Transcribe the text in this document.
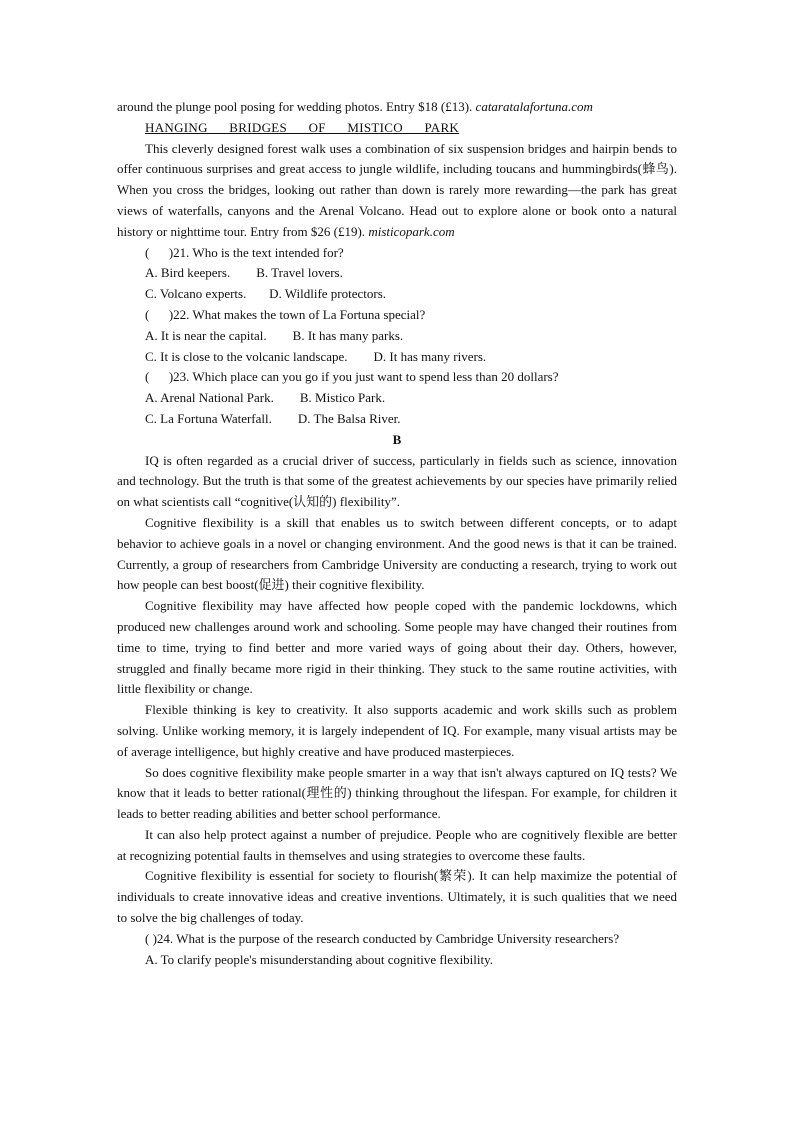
around the plunge pool posing for wedding photos. Entry $18 (£13). cataratalafortuna.com

HANGING BRIDGES OF MISTICO PARK

This cleverly designed forest walk uses a combination of six suspension bridges and hairpin bends to offer continuous surprises and great access to jungle wildlife, including toucans and hummingbirds(蜂鸟). When you cross the bridges, looking out rather than down is rarely more rewarding—the park has great views of waterfalls, canyons and the Arenal Volcano. Head out to explore alone or book onto a natural history or nighttime tour. Entry from $26 (£19). misticopark.com

(      )21. Who is the text intended for?

A. Bird keepers.        B. Travel lovers.

C. Volcano experts.       D. Wildlife protectors.

(      )22. What makes the town of La Fortuna special?

A. It is near the capital.        B. It has many parks.

C. It is close to the volcanic landscape.        D. It has many rivers.

(      )23. Which place can you go if you just want to spend less than 20 dollars?

A. Arenal National Park.        B. Mistico Park.

C. La Fortuna Waterfall.        D. The Balsa River.

B

IQ is often regarded as a crucial driver of success, particularly in fields such as science, innovation and technology. But the truth is that some of the greatest achievements by our species have primarily relied on what scientists call “cognitive(认知的) flexibility”.

Cognitive flexibility is a skill that enables us to switch between different concepts, or to adapt behavior to achieve goals in a novel or changing environment. And the good news is that it can be trained. Currently, a group of researchers from Cambridge University are conducting a research, trying to work out how people can best boost(促进) their cognitive flexibility.

Cognitive flexibility may have affected how people coped with the pandemic lockdowns, which produced new challenges around work and schooling. Some people may have changed their routines from time to time, trying to find better and more varied ways of going about their day. Others, however, struggled and finally became more rigid in their thinking. They stuck to the same routine activities, with little flexibility or change.

Flexible thinking is key to creativity. It also supports academic and work skills such as problem solving. Unlike working memory, it is largely independent of IQ. For example, many visual artists may be of average intelligence, but highly creative and have produced masterpieces.

So does cognitive flexibility make people smarter in a way that isn't always captured on IQ tests? We know that it leads to better rational(理性的) thinking throughout the lifespan. For example, for children it leads to better reading abilities and better school performance.

It can also help protect against a number of prejudice. People who are cognitively flexible are better at recognizing potential faults in themselves and using strategies to overcome these faults.

Cognitive flexibility is essential for society to flourish(繁荣). It can help maximize the potential of individuals to create innovative ideas and creative inventions. Ultimately, it is such qualities that we need to solve the big challenges of today.

( )24. What is the purpose of the research conducted by Cambridge University researchers?

A. To clarify people's misunderstanding about cognitive flexibility.
